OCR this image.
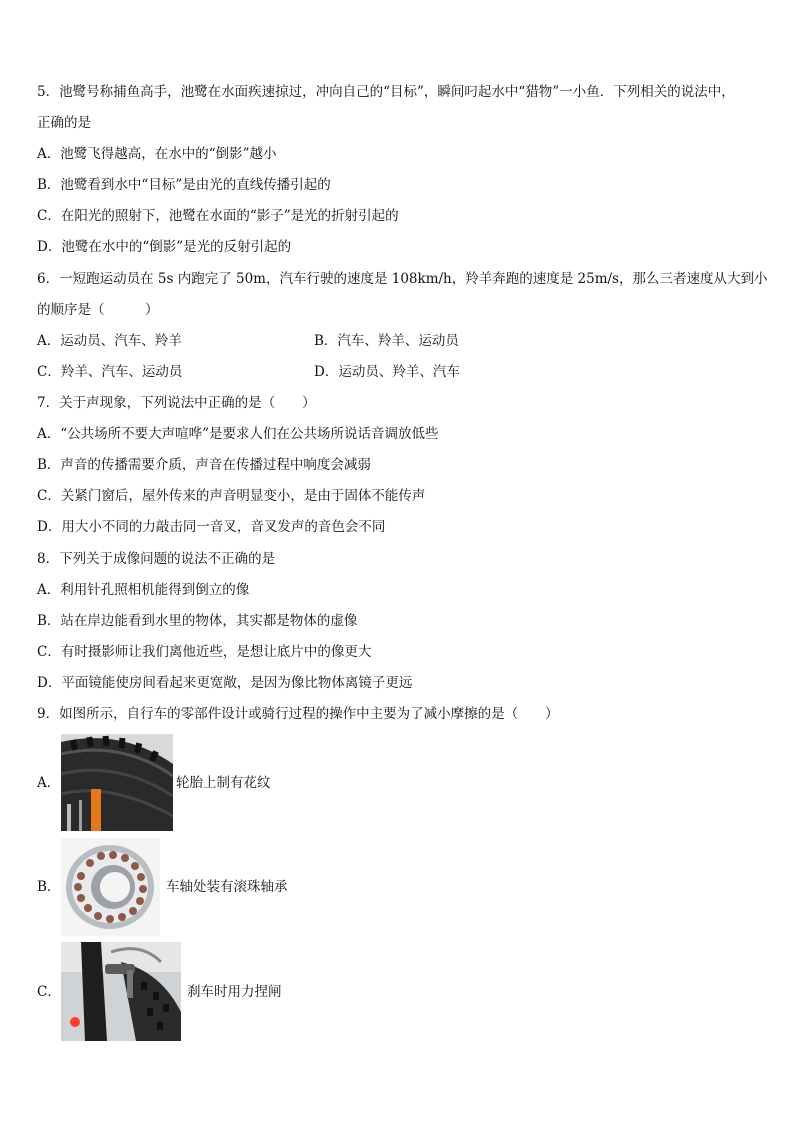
5．池鹭号称捕鱼高手，池鹭在水面疾速掠过，冲向自己的“目标”，瞬间叼起水中“猎物”一小鱼．下列相关的说法中，
正确的是
A．池鹭飞得越高，在水中的“倒影”越小
B．池鹭看到水中“目标”是由光的直线传播引起的
C．在阳光的照射下，池鹭在水面的“影子”是光的折射引起的
D．池鹭在水中的“倒影”是光的反射引起的
6．一短跑运动员在 5s 内跑完了 50m，汽车行驶的速度是 108km/h，羚羊奔跑的速度是 25m/s，那么三者速度从大到小
的顺序是（　　　）
A．运动员、汽车、羚羊	B．汽车、羚羊、运动员
C．羚羊、汽车、运动员	D．运动员、羚羊、汽车
7．关于声现象，下列说法中正确的是（　　）
A．“公共场所不要大声喧哗”是要求人们在公共场所说话音调放低些
B．声音的传播需要介质，声音在传播过程中响度会减弱
C．关紧门窗后，屋外传来的声音明显变小，是由于固体不能传声
D．用大小不同的力敲击同一音叉，音叉发声的音色会不同
8．下列关于成像问题的说法不正确的是
A．利用针孔照相机能得到倒立的像
B．站在岸边能看到水里的物体，其实都是物体的虚像
C．有时摄影师让我们离他近些，是想让底片中的像更大
D．平面镜能使房间看起来更宽敞，是因为像比物体离镜子更远
9．如图所示，自行车的零部件设计或骑行过程的操作中主要为了减小摩擦的是（　　）
A．	轮胎上制有花纹
B．	车轴处装有滚珠轴承
C．	刹车时用力捏闸
